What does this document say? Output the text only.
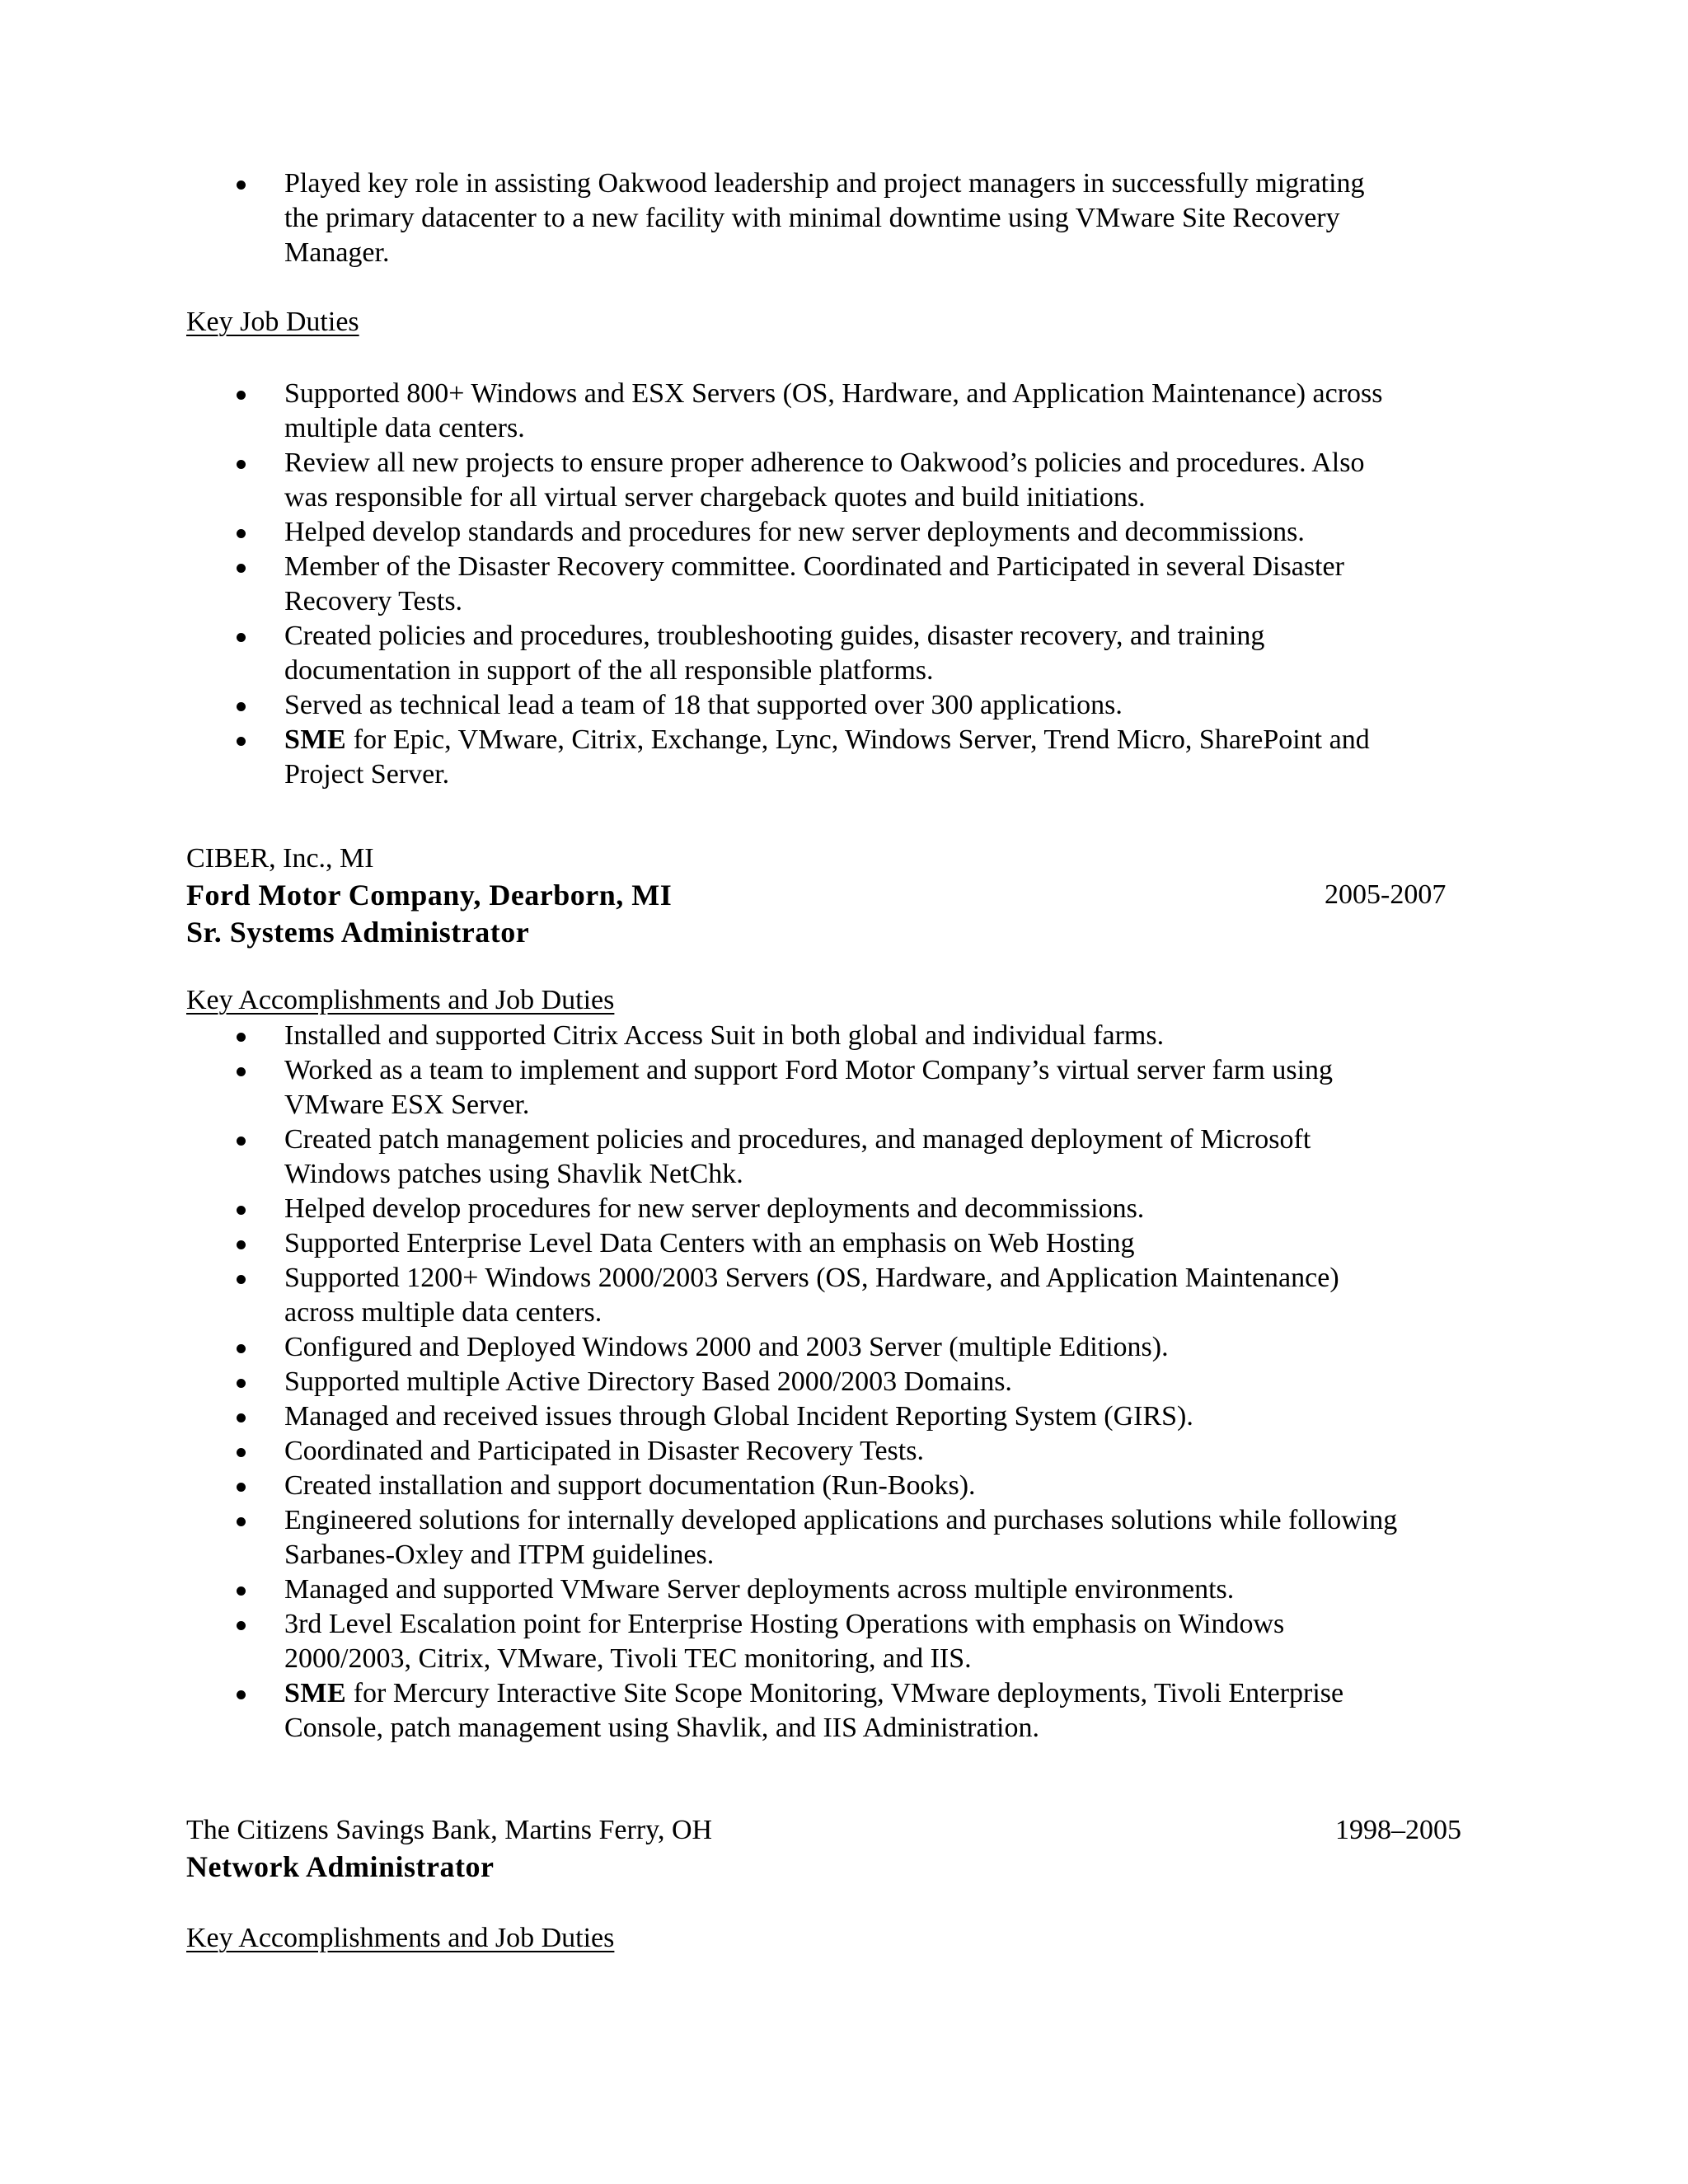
Played key role in assisting Oakwood leadership and project managers in successfully migrating
the primary datacenter to a new facility with minimal downtime using VMware Site Recovery
Manager.
Key Job Duties
Supported 800+ Windows and ESX Servers (OS, Hardware, and Application Maintenance) across
multiple data centers.
Review all new projects to ensure proper adherence to Oakwood’s policies and procedures. Also
was responsible for all virtual server chargeback quotes and build initiations.
Helped develop standards and procedures for new server deployments and decommissions.
Member of the Disaster Recovery committee. Coordinated and Participated in several Disaster
Recovery Tests.
Created policies and procedures, troubleshooting guides, disaster recovery, and training
documentation in support of the all responsible platforms.
Served as technical lead a team of 18 that supported over 300 applications.
SME for Epic, VMware, Citrix, Exchange, Lync, Windows Server, Trend Micro, SharePoint and
Project Server.
CIBER, Inc., MI
Ford Motor Company, Dearborn, MI	2005-2007
Sr. Systems Administrator
Key Accomplishments and Job Duties
Installed and supported Citrix Access Suit in both global and individual farms.
Worked as a team to implement and support Ford Motor Company’s virtual server farm using
VMware ESX Server.
Created patch management policies and procedures, and managed deployment of Microsoft
Windows patches using Shavlik NetChk.
Helped develop procedures for new server deployments and decommissions.
Supported Enterprise Level Data Centers with an emphasis on Web Hosting
Supported 1200+ Windows 2000/2003 Servers (OS, Hardware, and Application Maintenance)
across multiple data centers.
Configured and Deployed Windows 2000 and 2003 Server (multiple Editions).
Supported multiple Active Directory Based 2000/2003 Domains.
Managed and received issues through Global Incident Reporting System (GIRS).
Coordinated and Participated in Disaster Recovery Tests.
Created installation and support documentation (Run-Books).
Engineered solutions for internally developed applications and purchases solutions while following
Sarbanes-Oxley and ITPM guidelines.
Managed and supported VMware Server deployments across multiple environments.
3rd Level Escalation point for Enterprise Hosting Operations with emphasis on Windows
2000/2003, Citrix, VMware, Tivoli TEC monitoring, and IIS.
SME for Mercury Interactive Site Scope Monitoring, VMware deployments, Tivoli Enterprise
Console, patch management using Shavlik, and IIS Administration.
The Citizens Savings Bank, Martins Ferry, OH	1998–2005
Network Administrator
Key Accomplishments and Job Duties
